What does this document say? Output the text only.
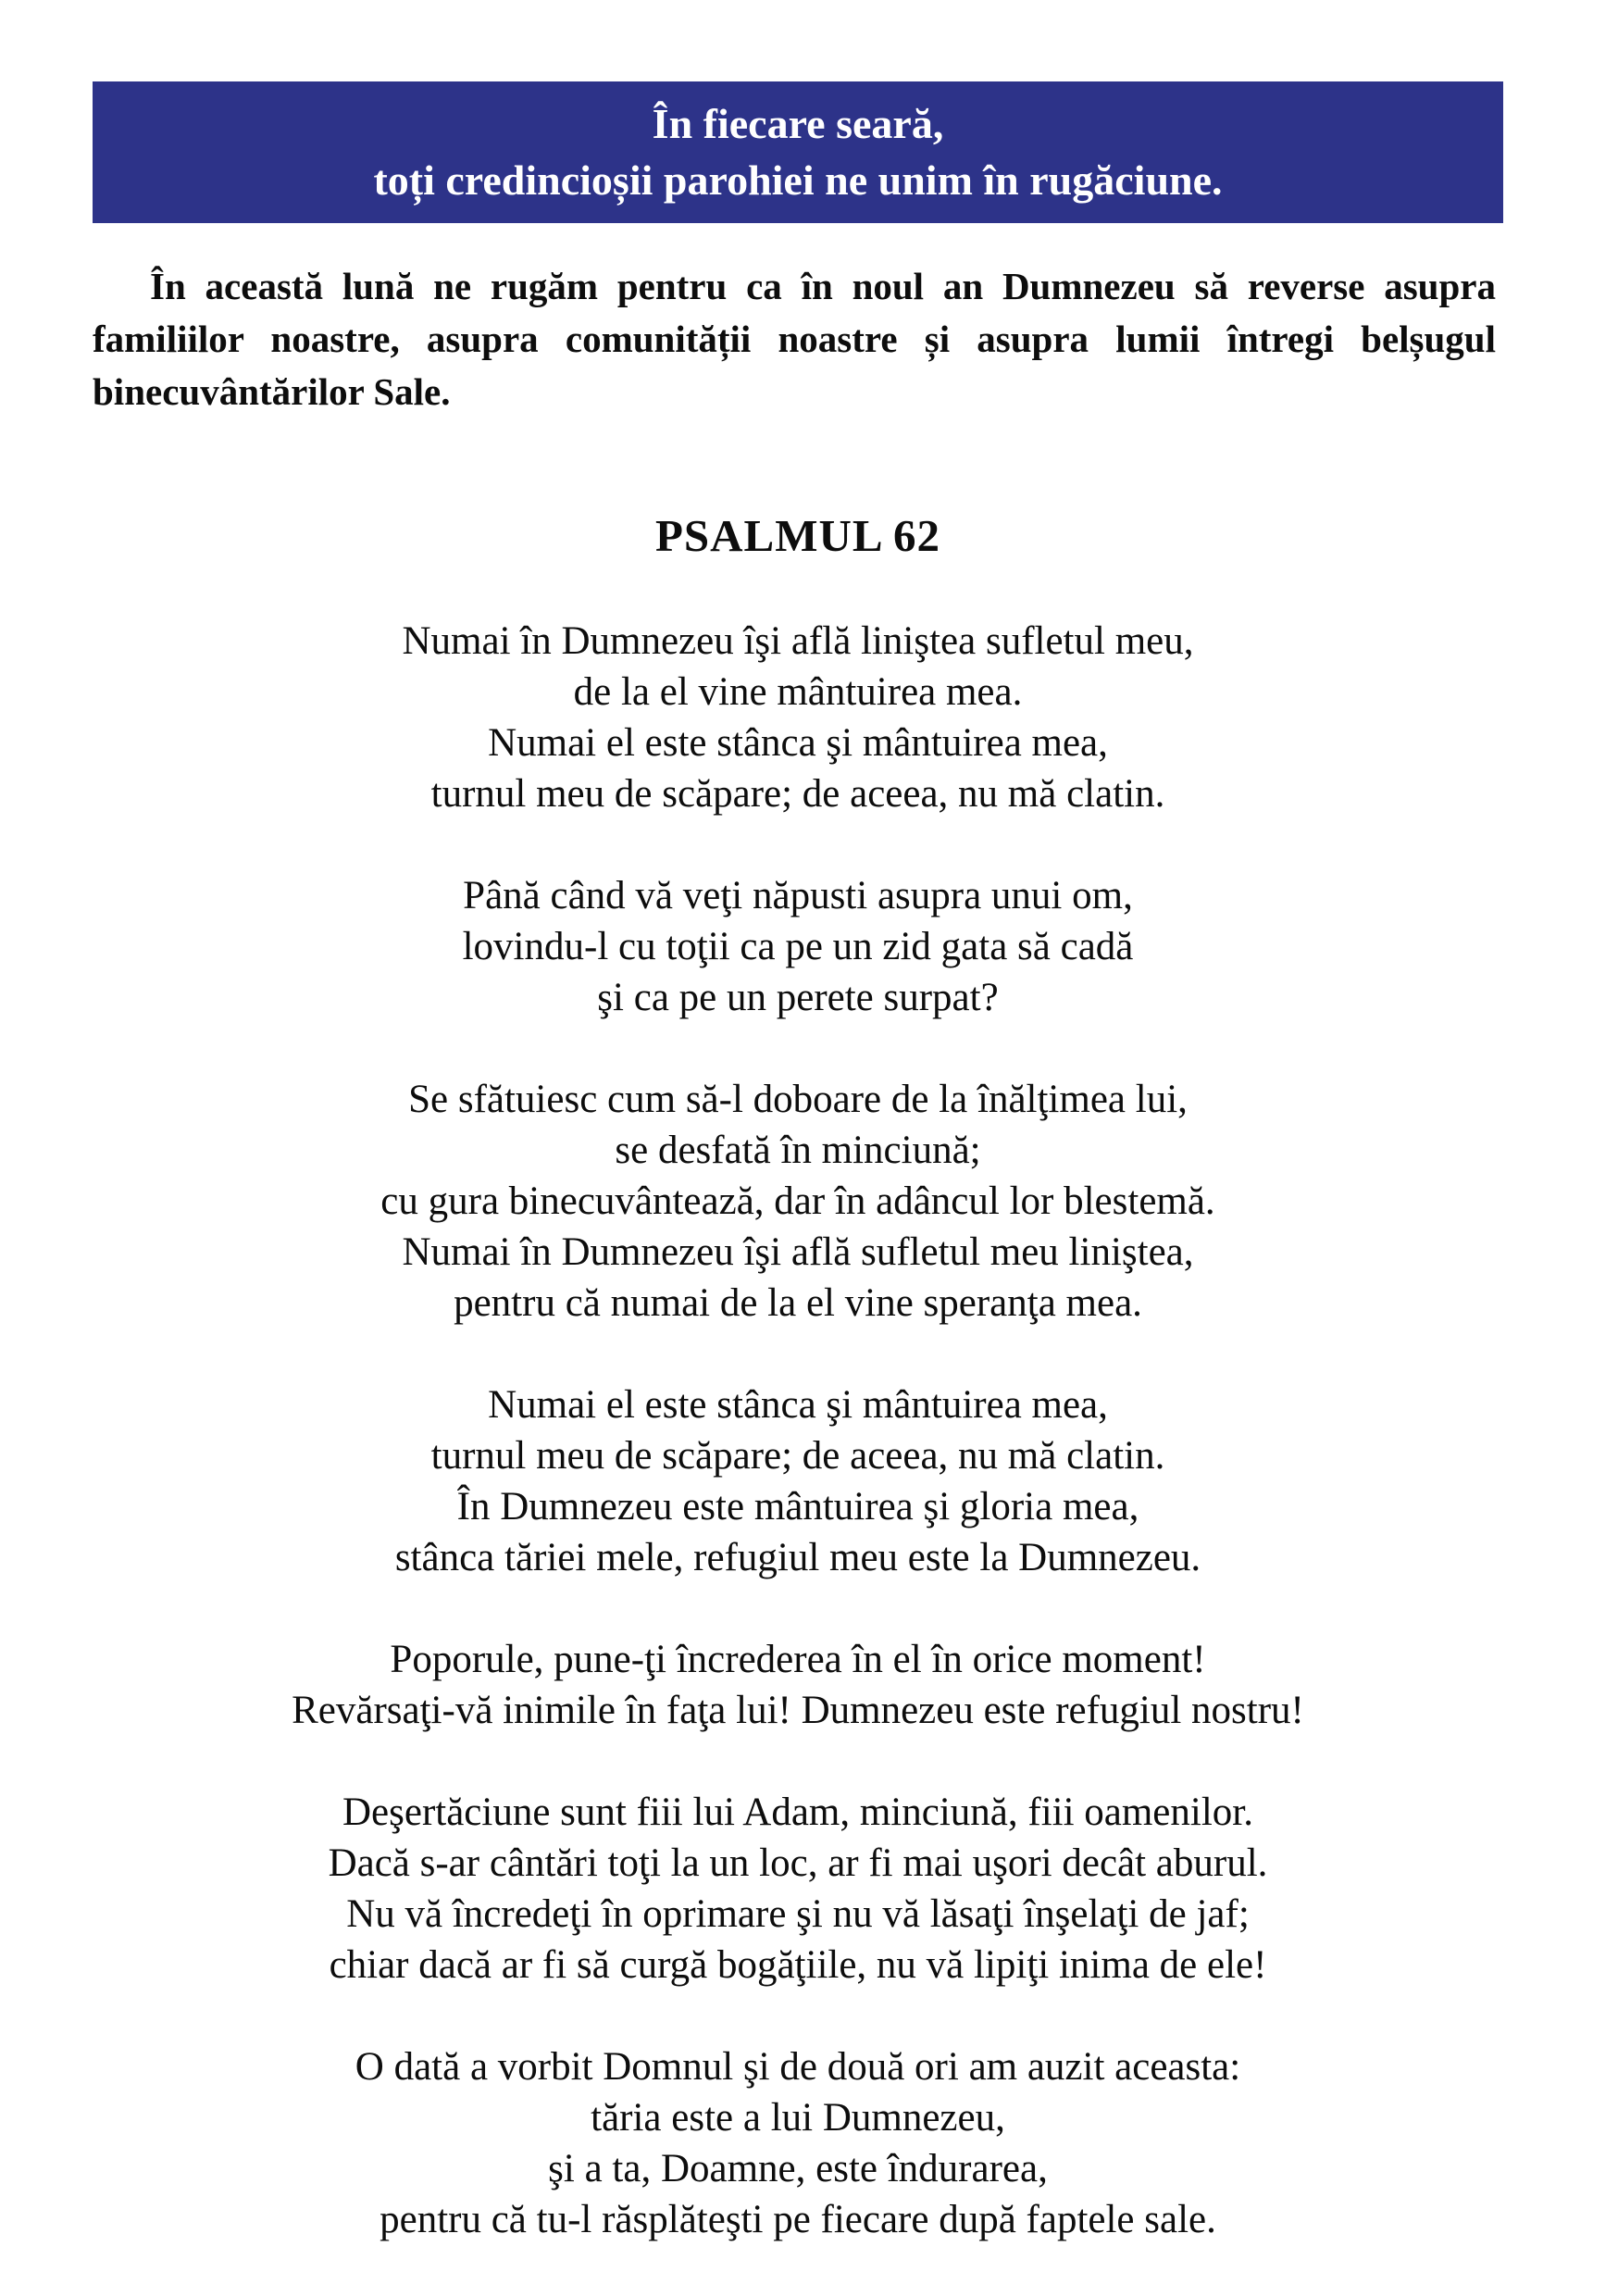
În fiecare seară,
toți credincioșii parohiei ne unim în rugăciune.

În această lună ne rugăm pentru ca în noul an Dumnezeu să reverse asupra familiilor noastre, asupra comunității noastre și asupra lumii întregi belșugul binecuvântărilor Sale.

PSALMUL 62
Numai în Dumnezeu îşi află liniştea sufletul meu,
de la el vine mântuirea mea.
Numai el este stânca şi mântuirea mea,
turnul meu de scăpare; de aceea, nu mă clatin.
Până când vă veţi năpusti asupra unui om,
lovindu-l cu toţii ca pe un zid gata să cadă
şi ca pe un perete surpat?
Se sfătuiesc cum să-l doboare de la înălţimea lui,
se desfată în minciună;
cu gura binecuvântează, dar în adâncul lor blestemă.
Numai în Dumnezeu îşi află sufletul meu liniştea,
pentru că numai de la el vine speranţa mea.
Numai el este stânca şi mântuirea mea,
turnul meu de scăpare; de aceea, nu mă clatin.
În Dumnezeu este mântuirea şi gloria mea,
stânca tăriei mele, refugiul meu este la Dumnezeu.
Poporule, pune-ţi încrederea în el în orice moment!
Revărsaţi-vă inimile în faţa lui! Dumnezeu este refugiul nostru!
Deşertăciune sunt fiii lui Adam, minciună, fiii oamenilor.
Dacă s-ar cântări toţi la un loc, ar fi mai uşori decât aburul.
Nu vă încredeţi în oprimare şi nu vă lăsaţi înşelaţi de jaf;
chiar dacă ar fi să curgă bogăţiile, nu vă lipiţi inima de ele!
O dată a vorbit Domnul şi de două ori am auzit aceasta:
tăria este a lui Dumnezeu,
şi a ta, Doamne, este îndurarea,
pentru că tu-l răsplăteşti pe fiecare după faptele sale.
